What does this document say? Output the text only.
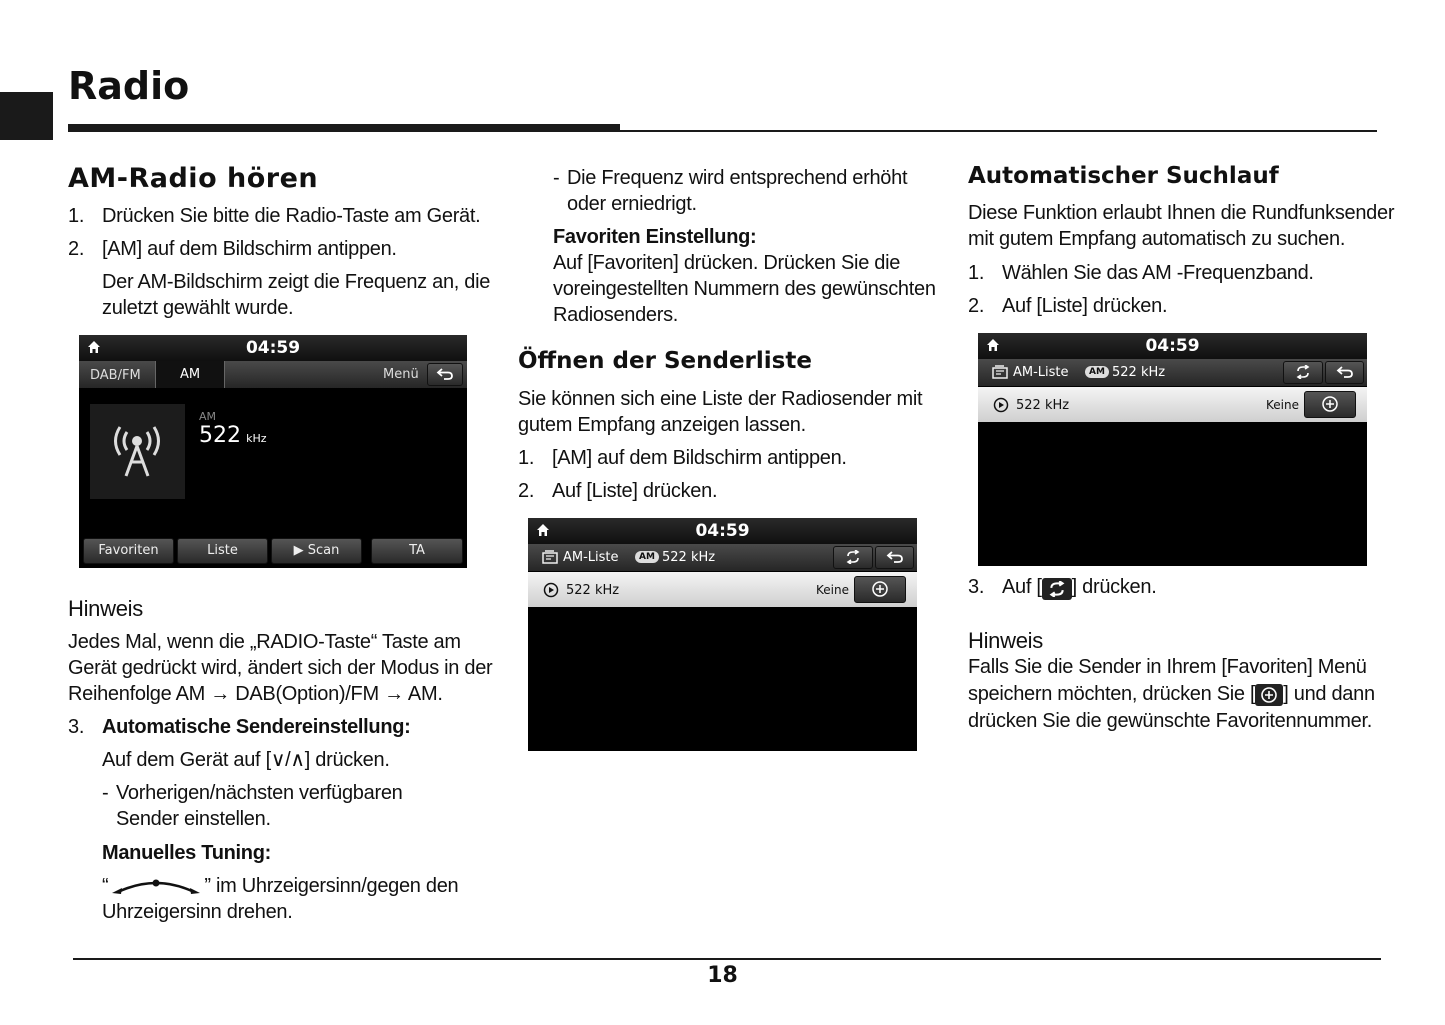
Radio
AM-Radio hören
1. Drücken Sie bitte die Radio-Taste am Gerät.
2. [AM] auf dem Bildschirm antippen.
Der AM-Bildschirm zeigt die Frequenz an, die
zuletzt gewählt wurde.
04:59
DAB/FM	AM	Menü
AM
522 kHz
Favoriten	Liste	▶ Scan	TA
Hinweis
Jedes Mal, wenn die „RADIO-Taste“ Taste am
Gerät gedrückt wird, ändert sich der Modus in der
Reihenfolge AM → DAB(Option)/FM → AM.
3. Automatische Sendereinstellung:
Auf dem Gerät auf [∨/∧] drücken.
- Vorherigen/nächsten verfügbaren
Sender einstellen.
Manuelles Tuning:
“	” im Uhrzeigersinn/gegen den
Uhrzeigersinn drehen.
- Die Frequenz wird entsprechend erhöht
oder erniedrigt.
Favoriten Einstellung:
Auf [Favoriten] drücken. Drücken Sie die
voreingestellten Nummern des gewünschten
Radiosenders.
Öffnen der Senderliste
Sie können sich eine Liste der Radiosender mit
gutem Empfang anzeigen lassen.
1. [AM] auf dem Bildschirm antippen.
2. Auf [Liste] drücken.
04:59
AM-Liste	AM 522 kHz
522 kHz	Keine
Automatischer Suchlauf
Diese Funktion erlaubt Ihnen die Rundfunksender
mit gutem Empfang automatisch zu suchen.
1. Wählen Sie das AM -Frequenzband.
2. Auf [Liste] drücken.
04:59
AM-Liste	AM 522 kHz
522 kHz	Keine
3. Auf [ ] drücken.
Hinweis
Falls Sie die Sender in Ihrem [Favoriten] Menü
speichern möchten, drücken Sie [ ] und dann
drücken Sie die gewünschte Favoritennummer.
18
